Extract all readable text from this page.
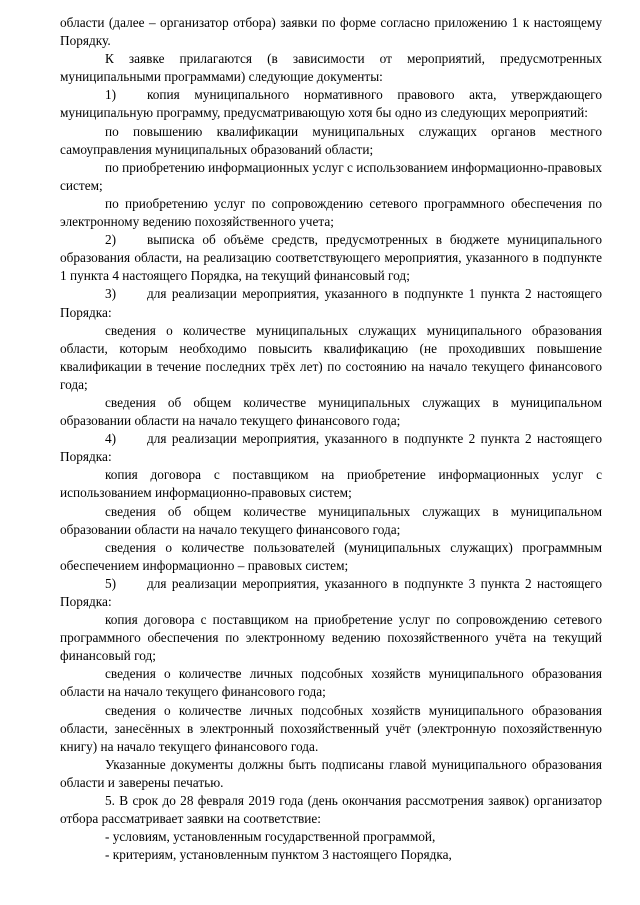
области (далее – организатор отбора) заявки по форме согласно приложению 1 к настоящему Порядку.

К заявке прилагаются (в зависимости от мероприятий, предусмотренных муниципальными программами) следующие документы:

1) копия муниципального нормативного правового акта, утверждающего муниципальную программу, предусматривающую хотя бы одно из следующих мероприятий:

по повышению квалификации муниципальных служащих органов местного самоуправления муниципальных образований области;

по приобретению информационных услуг с использованием информационно-правовых систем;

по приобретению услуг по сопровождению сетевого программного обеспечения по электронному ведению похозяйственного учета;

2) выписка об объёме средств, предусмотренных в бюджете муниципального образования области, на реализацию соответствующего мероприятия, указанного в подпункте 1 пункта 4 настоящего Порядка, на текущий финансовый год;

3) для реализации мероприятия, указанного в подпункте 1 пункта 2 настоящего Порядка:

сведения о количестве муниципальных служащих муниципального образования области, которым необходимо повысить квалификацию (не проходивших повышение квалификации в течение последних трёх лет) по состоянию на начало текущего финансового года;

сведения об общем количестве муниципальных служащих в муниципальном образовании области на начало текущего финансового года;

4) для реализации мероприятия, указанного в подпункте 2 пункта 2 настоящего Порядка:

копия договора с поставщиком на приобретение информационных услуг с использованием информационно-правовых систем;

сведения об общем количестве муниципальных служащих в муниципальном образовании области на начало текущего финансового года;

сведения о количестве пользователей (муниципальных служащих) программным обеспечением информационно – правовых систем;

5) для реализации мероприятия, указанного в подпункте 3 пункта 2 настоящего Порядка:

копия договора с поставщиком на приобретение услуг по сопровождению сетевого программного обеспечения по электронному ведению похозяйственного учёта на текущий финансовый год;

сведения о количестве личных подсобных хозяйств муниципального образования области на начало текущего финансового года;

сведения о количестве личных подсобных хозяйств муниципального образования области, занесённых в электронный похозяйственный учёт (электронную похозяйственную книгу) на начало текущего финансового года.

Указанные документы должны быть подписаны главой муниципального образования области и заверены печатью.

5. В срок до 28 февраля 2019 года (день окончания рассмотрения заявок) организатор отбора рассматривает заявки на соответствие:

- условиям, установленным государственной программой,

- критериям, установленным пунктом 3 настоящего Порядка,
